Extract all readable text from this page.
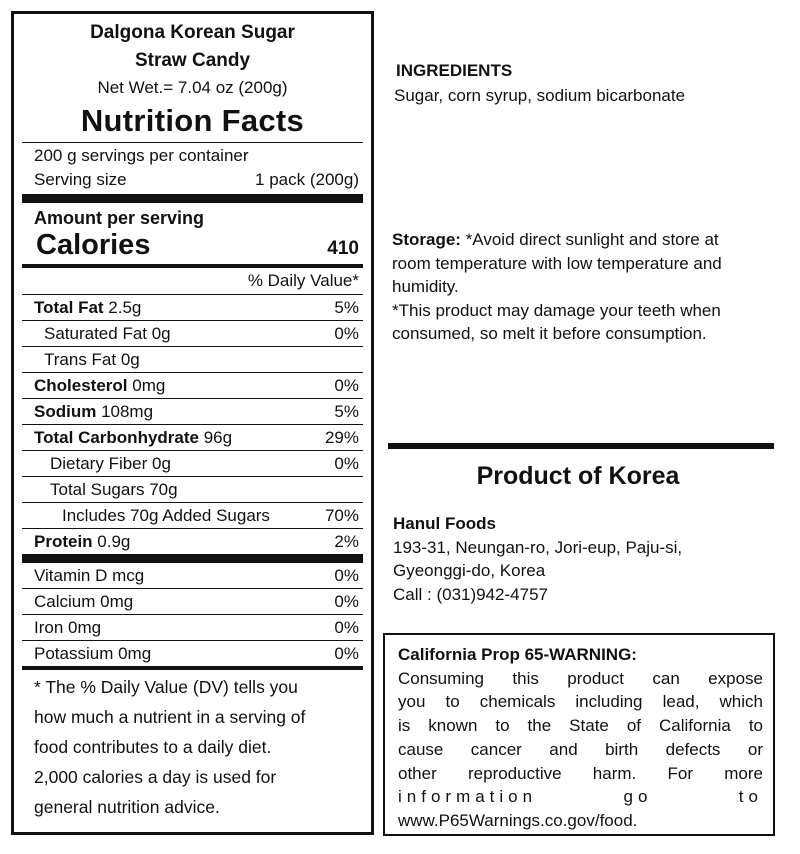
Dalgona Korean Sugar
Straw Candy
Net Wet.= 7.04 oz (200g)
Nutrition Facts
200 g servings per container
Serving size	1 pack (200g)
Amount per serving
Calories	410
% Daily Value*
Total Fat 2.5g	5%
Saturated Fat 0g	0%
Trans Fat 0g
Cholesterol 0mg	0%
Sodium 108mg	5%
Total Carbonhydrate 96g	29%
Dietary Fiber 0g	0%
Total Sugars 70g
Includes 70g Added Sugars	70%
Protein 0.9g	2%
Vitamin D mcg	0%
Calcium 0mg	0%
Iron 0mg	0%
Potassium 0mg	0%
* The % Daily Value (DV) tells you
how much a nutrient in a serving of
food contributes to a daily diet.
2,000 calories a day is used for
general nutrition advice.
INGREDIENTS
Sugar, corn syrup, sodium bicarbonate
Storage: *Avoid direct sunlight and store at room temperature with low temperature and humidity.
*This product may damage your teeth when consumed, so melt it before consumption.
Product of Korea
Hanul Foods
193-31, Neungan-ro, Jori-eup, Paju-si,
Gyeonggi-do, Korea
Call : (031)942-4757
California Prop 65-WARNING:
Consuming this product can expose
you to chemicals including lead, which
is known to the State of California to
cause cancer and birth defects or
other reproductive harm. For more
information go to
www.P65Warnings.co.gov/food.
